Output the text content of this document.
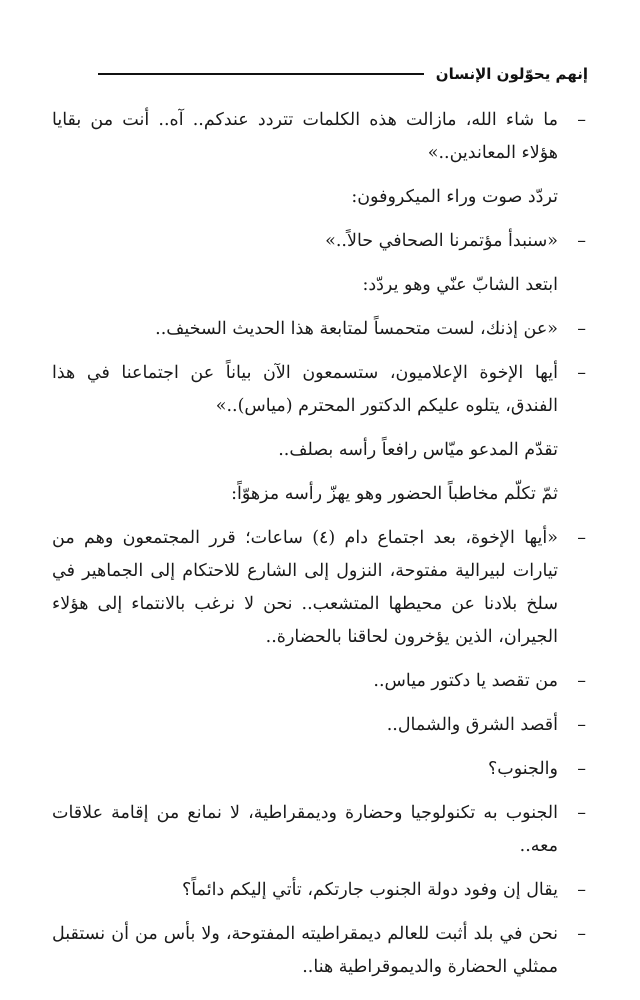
إنهم يحوّلون الإنسان

–
ما شاء الله، مازالت هذه الكلمات تتردد عندكم.. آه.. أنت من بقايا هؤلاء المعاندين..»

تردّد صوت وراء الميكروفون:

–
«سنبدأ مؤتمرنا الصحافي حالاً..»

ابتعد الشابّ عنّي وهو يردّد:

–
«عن إذنك، لست متحمساً لمتابعة هذا الحديث السخيف..

–
أيها الإخوة الإعلاميون، ستسمعون الآن بياناً عن اجتماعنا في هذا الفندق، يتلوه عليكم الدكتور المحترم (مياس)..»

تقدّم المدعو ميّاس رافعاً رأسه بصلف..

ثمّ تكلّم مخاطباً الحضور وهو يهزّ رأسه مزهوّاً:

–
«أيها الإخوة، بعد اجتماع دام (٤) ساعات؛ قرر المجتمعون وهم من تيارات لبيرالية مفتوحة، النزول إلى الشارع للاحتكام إلى الجماهير في سلخ بلادنا عن محيطها المتشعب.. نحن لا نرغب بالانتماء إلى هؤلاء الجيران، الذين يؤخرون لحاقنا بالحضارة..

–
من تقصد يا دكتور مياس..

–
أقصد الشرق والشمال..

–
والجنوب؟

–
الجنوب به تكنولوجيا وحضارة وديمقراطية، لا نمانع من إقامة علاقات معه..

–
يقال إن وفود دولة الجنوب جارتكم، تأتي إليكم دائماً؟

–
نحن في بلد أثبت للعالم ديمقراطيته المفتوحة، ولا بأس من أن نستقبل ممثلي الحضارة والديموقراطية هنا..
